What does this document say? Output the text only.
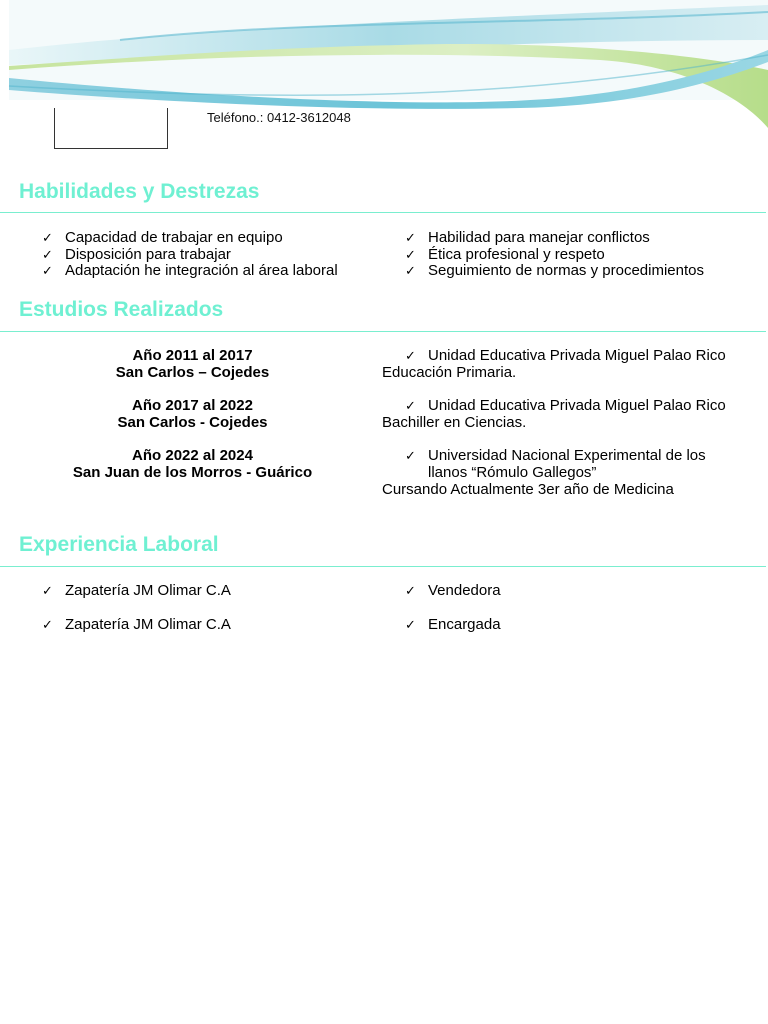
Teléfono.: 0412-3612048
Habilidades y Destrezas
✓ Capacidad de trabajar en equipo
✓ Disposición para trabajar
✓ Adaptación he integración al área laboral
✓ Habilidad para manejar conflictos
✓ Ética profesional y respeto
✓ Seguimiento de normas y procedimientos
Estudios Realizados
Año 2011 al 2017
San Carlos – Cojedes
✓ Unidad Educativa Privada Miguel Palao Rico
Educación Primaria.
Año 2017 al 2022
San Carlos - Cojedes
✓ Unidad Educativa Privada Miguel Palao Rico
Bachiller en Ciencias.
Año 2022 al 2024
San Juan de los Morros - Guárico
✓ Universidad Nacional Experimental de los
llanos “Rómulo Gallegos”
Cursando Actualmente 3er año de Medicina
Experiencia Laboral
✓ Zapatería JM Olimar C.A
✓ Zapatería JM Olimar C.A
✓ Vendedora
✓ Encargada
